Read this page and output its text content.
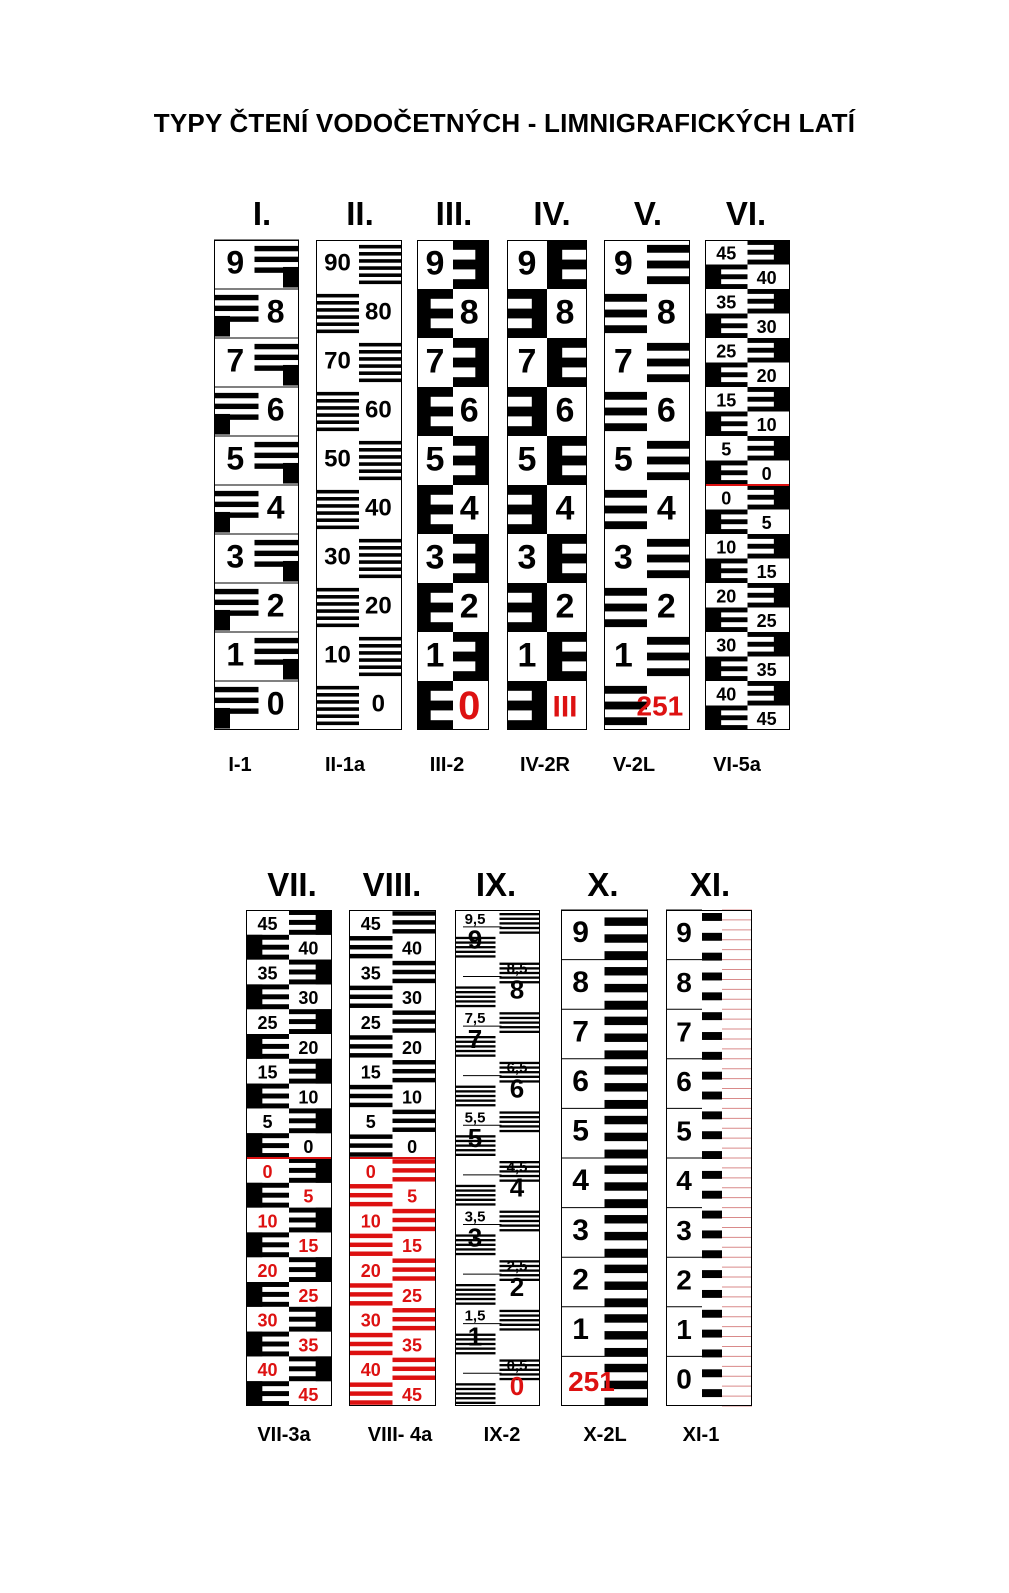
TYPY ČTENÍ VODOČETNÝCH - LIMNIGRAFICKÝCH LATÍ
I. II. III. IV. V. VI.
9
8
7
6
5
4
3
2
1
0
90
80
70
60
50
40
30
20
10
0
9
8
7
6
5
4
3
2
1
0
9
8
7
6
5
4
3
2
1
III
9
8
7
6
5
4
3
2
1
251
45
40
35
30
25
20
15
10
5
0
0
5
10
15
20
25
30
35
40
45
I-1	II-1a	III-2	IV-2R V-2L	VI-5a
VII. VIII. IX. X. XI.
45
40
35
30
25
20
15
10
5
0
0
5
10
15
20
25
30
35
40
45
45
40
35
30
25
20
15
10
5
0
0
5
10
15
20
25
30
35
40
45
9,5
9
8,5
8
7,5
7
6,5
6
5,5
5
4,5
4
3,5
3
2,5
2
1,5
1
0,5
0
9
8
7
6
5
4
3
2
1
251
9
8
7
6
5
4
3
2
1
0
VII-3a	VIII- 4a	IX-2	X-2L	XI-1
